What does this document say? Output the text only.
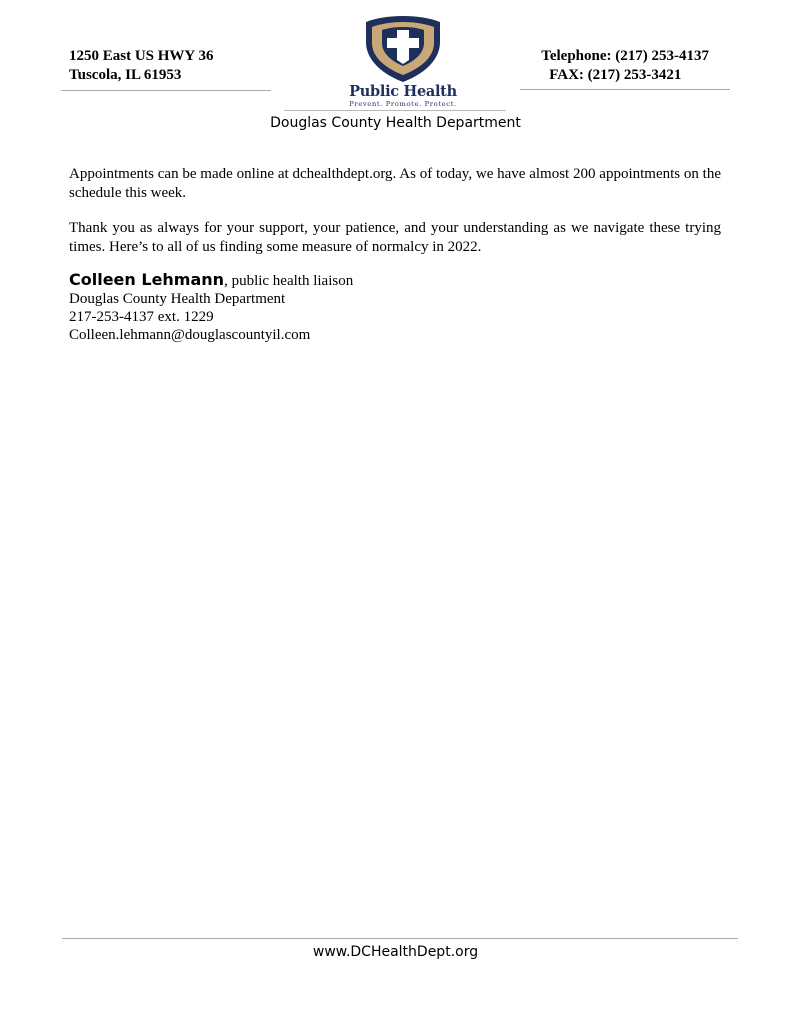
1250 East US HWY 36
Tuscola, IL 61953
Telephone: (217) 253-4137
FAX: (217) 253-3421
Public Health
Prevent. Promote. Protect.
Douglas County Health Department

Appointments can be made online at dchealthdept.org. As of today, we have almost 200 appointments on the schedule this week.

Thank you as always for your support, your patience, and your understanding as we navigate these trying times. Here’s to all of us finding some measure of normalcy in 2022.

Colleen Lehmann, public health liaison
Douglas County Health Department
217-253-4137 ext. 1229
Colleen.lehmann@douglascountyil.com
www.DCHealthDept.org
